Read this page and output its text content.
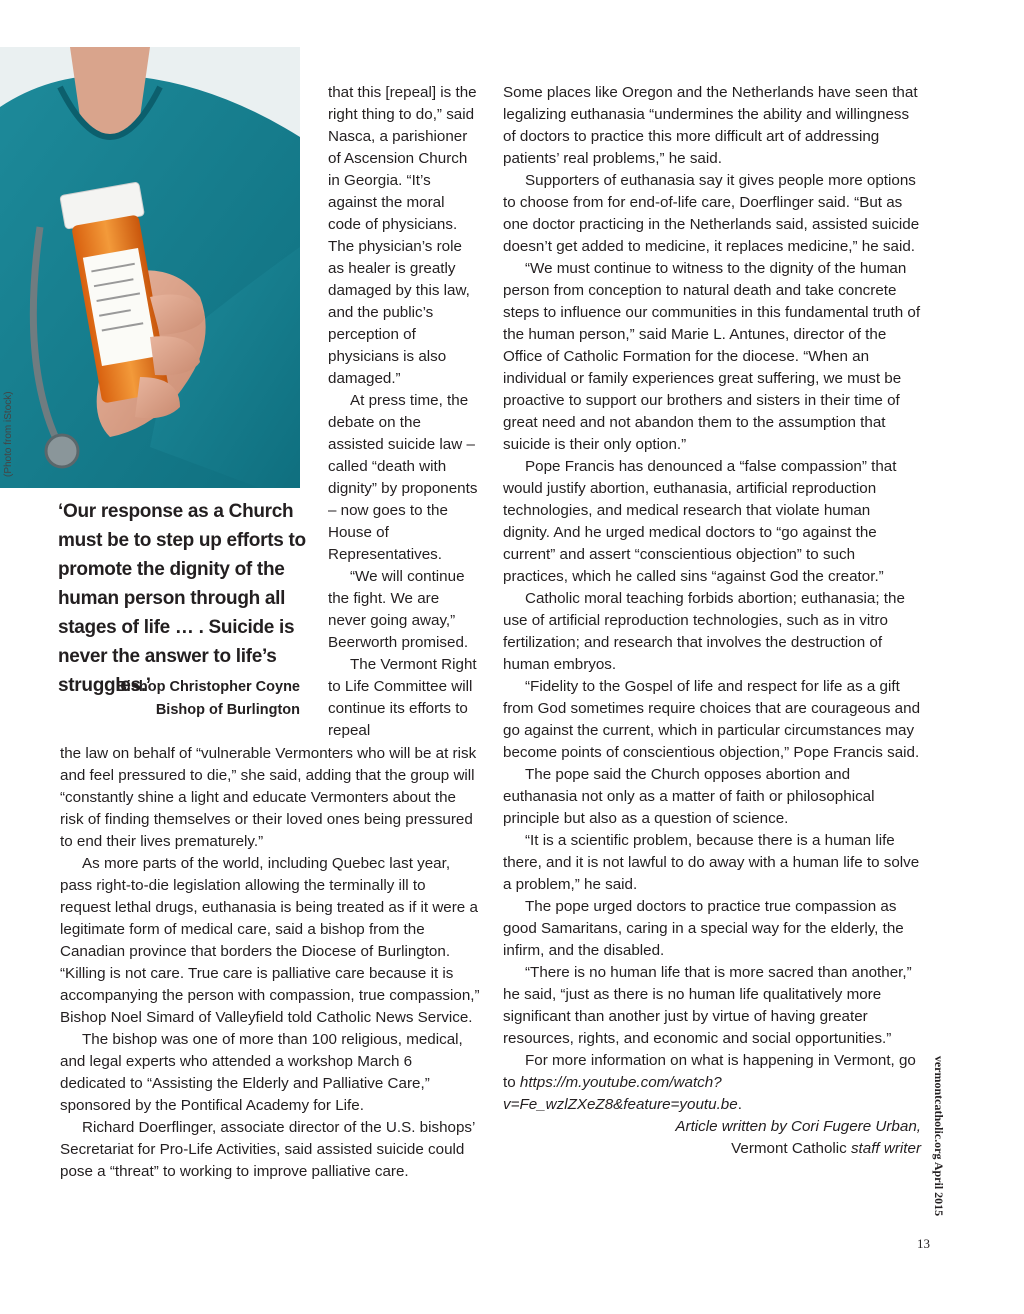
(Photo from iStock)
‘Our response as a Church must be to step up efforts to promote the dignity of the human person through all stages of life … . Suicide is never the answer to life’s struggles.’
Bishop Christopher Coyne
Bishop of Burlington

that this [repeal] is the right thing to do,” said Nasca, a parishioner of Ascension Church in Georgia. “It’s against the moral code of physicians. The physician’s role as healer is greatly damaged by this law, and the public’s perception of physicians is also damaged.”

At press time, the debate on the assisted suicide law – called “death with dignity” by proponents – now goes to the House of Representatives.

“We will continue the fight. We are never going away,” Beerworth promised.

The Vermont Right to Life Committee will continue its efforts to repeal

the law on behalf of “vulnerable Vermonters who will be at risk and feel pressured to die,” she said, adding that the group will “constantly shine a light and educate Vermonters about the risk of finding themselves or their loved ones being pressured to end their lives prematurely.”

As more parts of the world, including Quebec last year, pass right-to-die legislation allowing the terminally ill to request lethal drugs, euthanasia is being treated as if it were a legitimate form of medical care, said a bishop from the Canadian province that borders the Diocese of Burlington. “Killing is not care. True care is palliative care because it is accompanying the person with compassion, true compassion,” Bishop Noel Simard of Valleyfield told Catholic News Service.

The bishop was one of more than 100 religious, medical, and legal experts who attended a workshop March 6 dedicated to “Assisting the Elderly and Palliative Care,” sponsored by the Pontifical Academy for Life.

Richard Doerflinger, associate director of the U.S. bishops’ Secretariat for Pro-Life Activities, said assisted suicide could pose a “threat” to working to improve palliative care.

Some places like Oregon and the Netherlands have seen that legalizing euthanasia “undermines the ability and willingness of doctors to practice this more difficult art of addressing patients’ real problems,” he said.

Supporters of euthanasia say it gives people more options to choose from for end-of-life care, Doerflinger said. “But as one doctor practicing in the Netherlands said, assisted suicide doesn’t get added to medicine, it replaces medicine,” he said.

“We must continue to witness to the dignity of the human person from conception to natural death and take concrete steps to influence our communities in this fundamental truth of the human person,” said Marie L. Antunes, director of the Office of Catholic Formation for the diocese. “When an individual or family experiences great suffering, we must be proactive to support our brothers and sisters in their time of great need and not abandon them to the assumption that suicide is their only option.”

Pope Francis has denounced a “false compassion” that would justify abortion, euthanasia, artificial reproduction technologies, and medical research that violate human dignity. And he urged medical doctors to “go against the current” and assert “conscientious objection” to such practices, which he called sins “against God the creator.”

Catholic moral teaching forbids abortion; euthanasia; the use of artificial reproduction technologies, such as in vitro fertilization; and research that involves the destruction of human embryos.

“Fidelity to the Gospel of life and respect for life as a gift from God sometimes require choices that are courageous and go against the current, which in particular circumstances may become points of conscientious objection,” Pope Francis said.

The pope said the Church opposes abortion and euthanasia not only as a matter of faith or philosophical principle but also as a question of science.

“It is a scientific problem, because there is a human life there, and it is not lawful to do away with a human life to solve a problem,” he said.

The pope urged doctors to practice true compassion as good Samaritans, caring in a special way for the elderly, the infirm, and the disabled.

“There is no human life that is more sacred than another,” he said, “just as there is no human life qualitatively more significant than another just by virtue of having greater resources, rights, and economic and social opportunities.”

For more information on what is happening in Vermont, go to https://m.youtube.com/watch?v=Fe_wzlZXeZ8&feature=youtu.be.

Article written by Cori Fugere Urban,
Vermont Catholic staff writer vermontcatholic.org April 2015
13
